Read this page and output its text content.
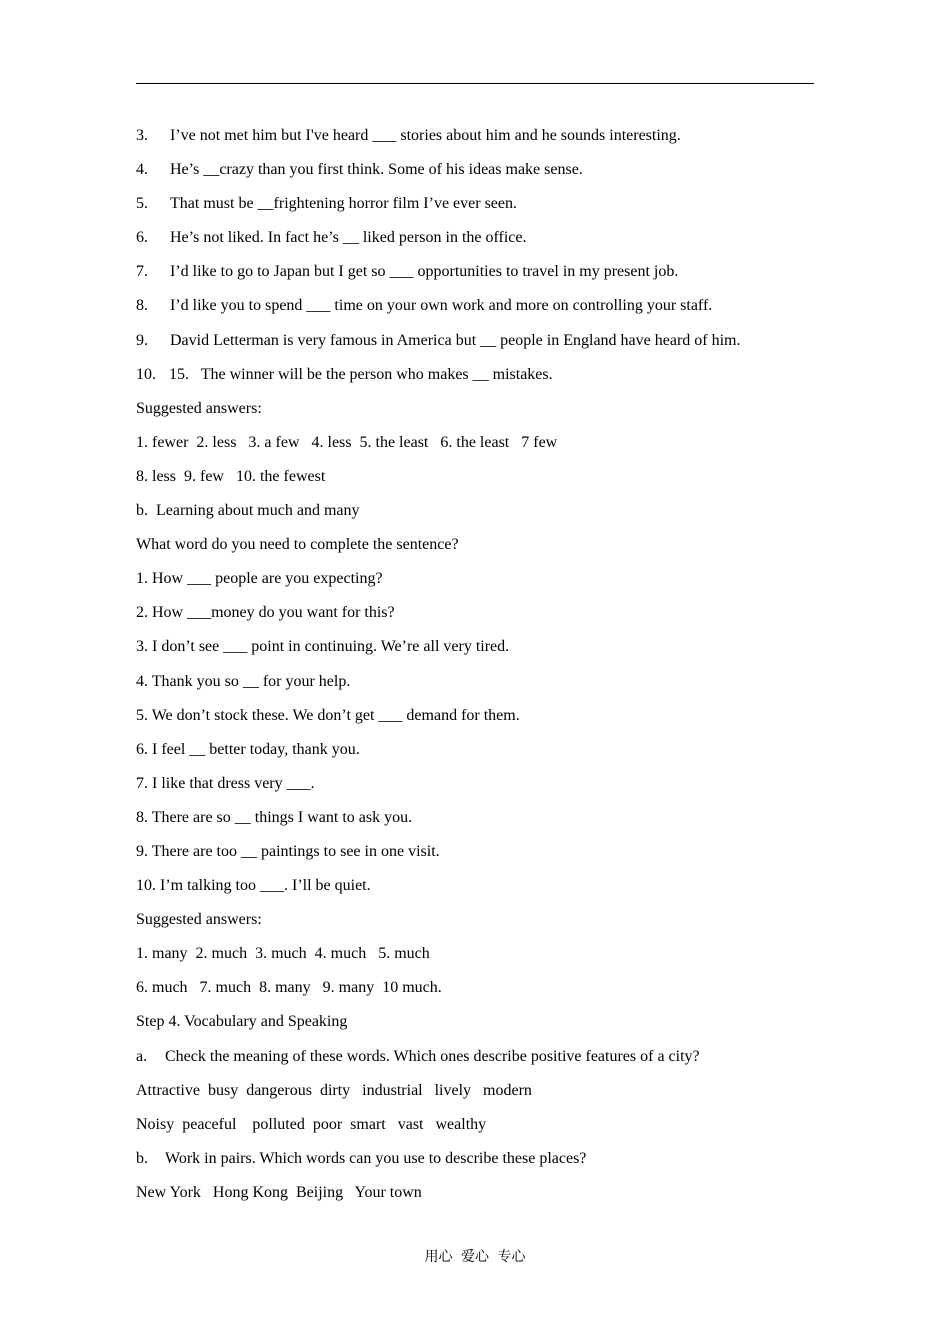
3. I’ve not met him but I've heard ___ stories about him and he sounds interesting.
4. He’s __crazy than you first think. Some of his ideas make sense.
5. That must be __frightening horror film I’ve ever seen.
6. He’s not liked. In fact he’s __ liked person in the office.
7. I’d like to go to Japan but I get so ___ opportunities to travel in my present job.
8. I’d like you to spend ___ time on your own work and more on controlling your staff.
9. David Letterman is very famous in America but __ people in England have heard of him.
10. 15.   The winner will be the person who makes __ mistakes.
Suggested answers:
1. fewer  2. less   3. a few   4. less  5. the least   6. the least   7 few
8. less  9. few   10. the fewest
b.  Learning about much and many
What word do you need to complete the sentence?
1. How ___ people are you expecting?
2. How ___money do you want for this?
3. I don’t see ___ point in continuing. We’re all very tired.
4. Thank you so __ for your help.
5. We don’t stock these. We don’t get ___ demand for them.
6. I feel __ better today, thank you.
7. I like that dress very ___.
8. There are so __ things I want to ask you.
9. There are too __ paintings to see in one visit.
10. I’m talking too ___. I’ll be quiet.
Suggested answers:
1. many  2. much  3. much  4. much   5. much
6. much   7. much  8. many   9. many  10 much.
Step 4. Vocabulary and Speaking
a. Check the meaning of these words. Which ones describe positive features of a city?
Attractive  busy  dangerous  dirty   industrial   lively   modern
Noisy  peaceful    polluted  poor  smart   vast   wealthy
b. Work in pairs. Which words can you use to describe these places?
New York   Hong Kong  Beijing   Your town
用心 爱心 专心
